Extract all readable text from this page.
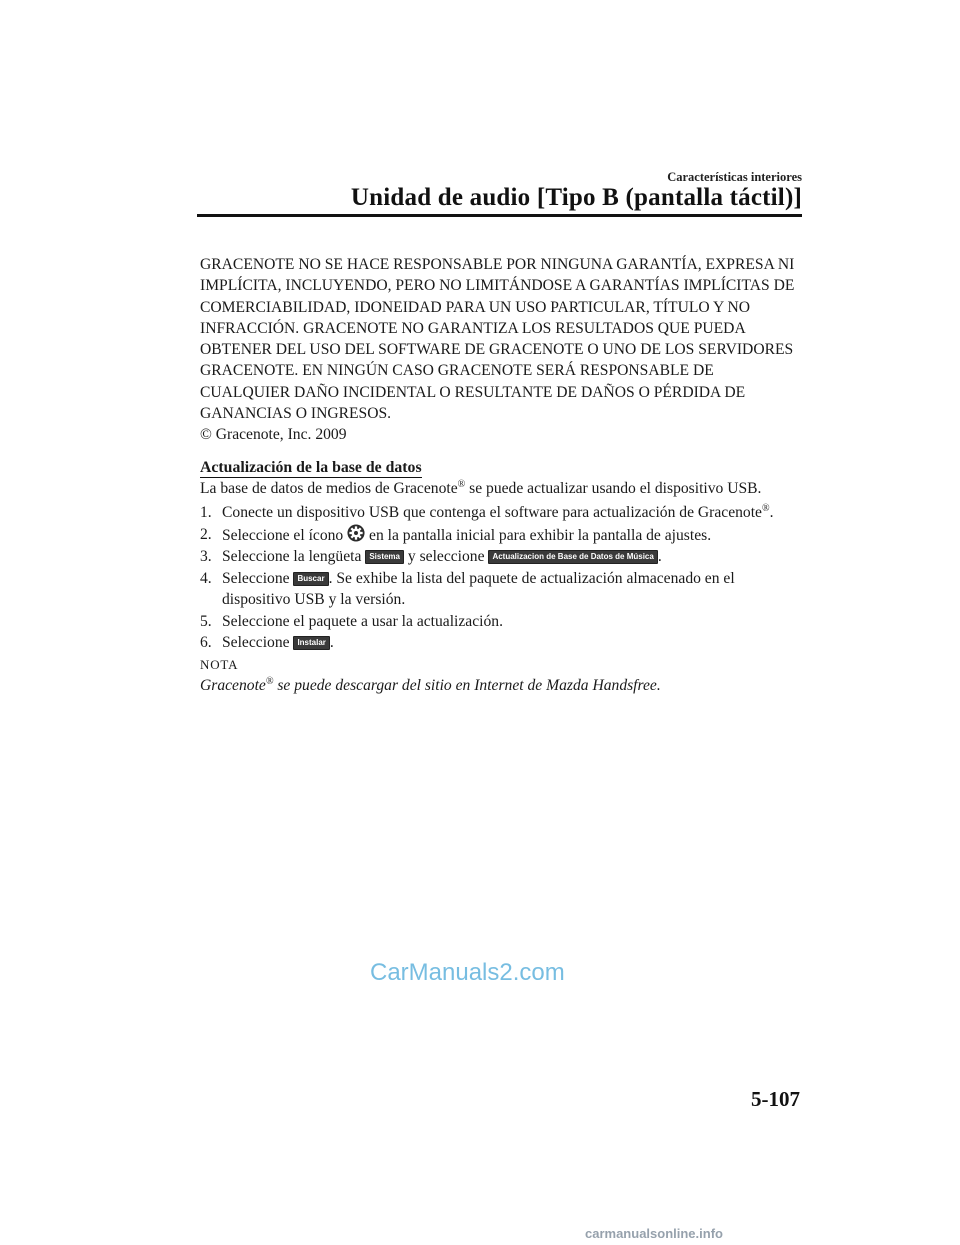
Características interiores
Unidad de audio [Tipo B (pantalla táctil)]

GRACENOTE NO SE HACE RESPONSABLE POR NINGUNA GARANTÍA, EXPRESA NI IMPLÍCITA, INCLUYENDO, PERO NO LIMITÁNDOSE A GARANTÍAS IMPLÍCITAS DE COMERCIABILIDAD, IDONEIDAD PARA UN USO PARTICULAR, TÍTULO Y NO INFRACCIÓN. GRACENOTE NO GARANTIZA LOS RESULTADOS QUE PUEDA OBTENER DEL USO DEL SOFTWARE DE GRACENOTE O UNO DE LOS SERVIDORES GRACENOTE. EN NINGÚN CASO GRACENOTE SERÁ RESPONSABLE DE CUALQUIER DAÑO INCIDENTAL O RESULTANTE DE DAÑOS O PÉRDIDA DE GANANCIAS O INGRESOS.

© Gracenote, Inc. 2009

Actualización de la base de datos

La base de datos de medios de Gracenote® se puede actualizar usando el dispositivo USB.

1. Conecte un dispositivo USB que contenga el software para actualización de Gracenote®.
2. Seleccione el ícono  en la pantalla inicial para exhibir la pantalla de ajustes.
3. Seleccione la lengüeta Sistema y seleccione Actualizacion de Base de Datos de Música .
4. Seleccione Buscar . Se exhibe la lista del paquete de actualización almacenado en el dispositivo USB y la versión.
5. Seleccione el paquete a usar la actualización.
6. Seleccione Instalar .

NOTA

Gracenote® se puede descargar del sitio en Internet de Mazda Handsfree.

CarManuals2.com
5-107
carmanualsonline.info
